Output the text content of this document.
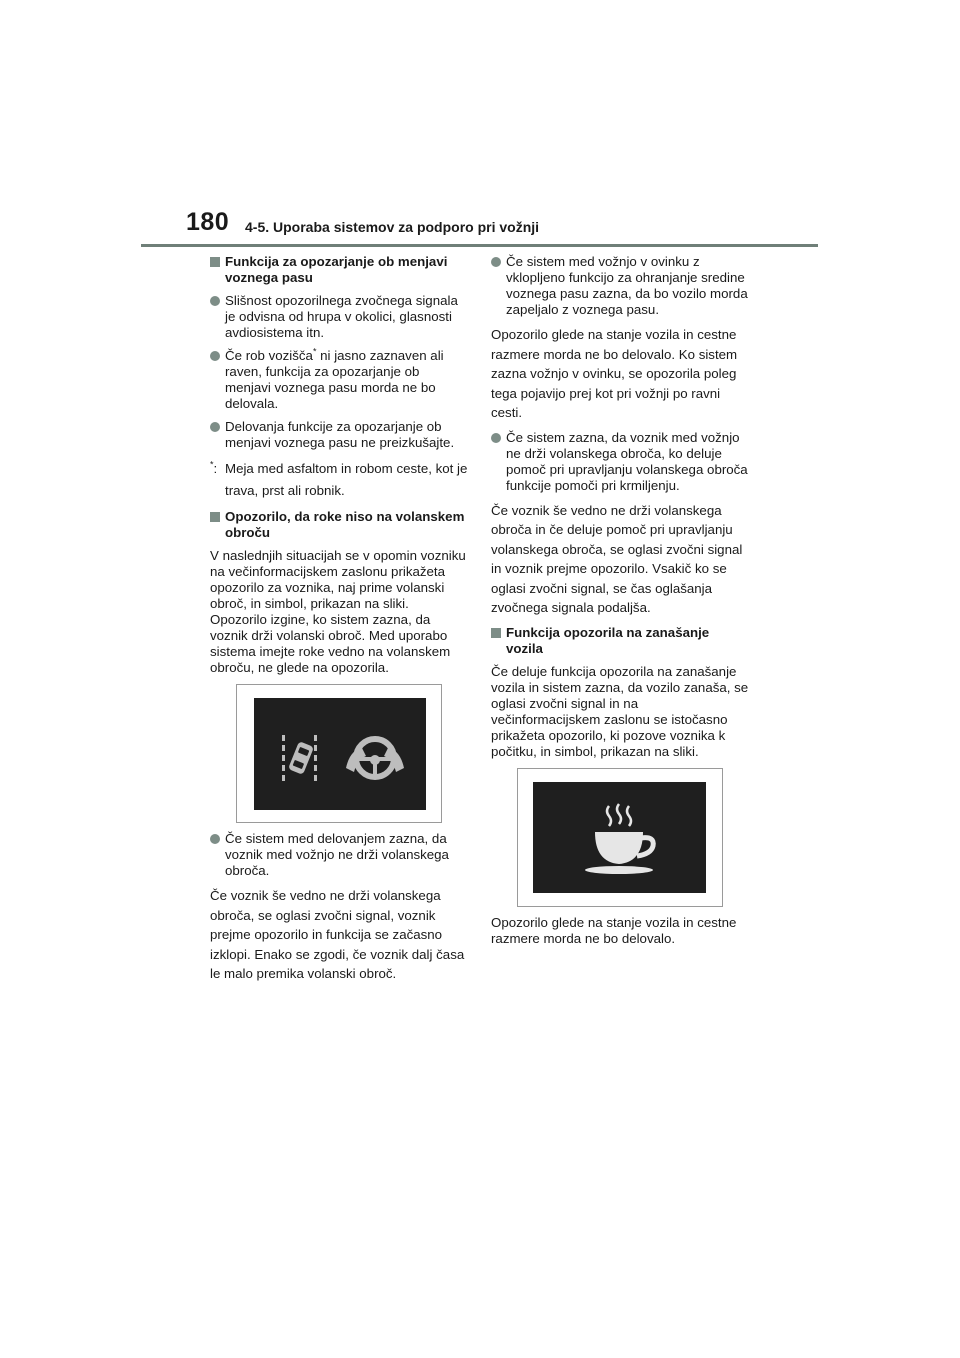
180 4-5. Uporaba sistemov za podporo pri vožnji
Funkcija za opozarjanje ob menjavi voznega pasu
Slišnost opozorilnega zvočnega signala je odvisna od hrupa v okolici, glasnosti avdiosistema itn.
Če rob vozišča* ni jasno zaznaven ali raven, funkcija za opozarjanje ob menjavi voznega pasu morda ne bo delovala.
Delovanja funkcije za opozarjanje ob menjavi voznega pasu ne preizkušajte.
*: Meja med asfaltom in robom ceste, kot je trava, prst ali robnik.
Opozorilo, da roke niso na volanskem obroču
V naslednjih situacijah se v opomin vozniku na večinformacijskem zaslonu prikažeta opozorilo za voznika, naj prime volanski obroč, in simbol, prikazan na sliki. Opozorilo izgine, ko sistem zazna, da voznik drži volanski obroč. Med uporabo sistema imejte roke vedno na volanskem obroču, ne glede na opozorila.
Če sistem med delovanjem zazna, da voznik med vožnjo ne drži volanskega obroča.
Če voznik še vedno ne drži volanskega obroča, se oglasi zvočni signal, voznik prejme opozorilo in funkcija se začasno izklopi. Enako se zgodi, če voznik dalj časa le malo premika volanski obroč.
Če sistem med vožnjo v ovinku z vklopljeno funkcijo za ohranjanje sredine voznega pasu zazna, da bo vozilo morda zapeljalo z voznega pasu.
Opozorilo glede na stanje vozila in cestne razmere morda ne bo delovalo. Ko sistem zazna vožnjo v ovinku, se opozorila poleg tega pojavijo prej kot pri vožnji po ravni cesti.
Če sistem zazna, da voznik med vožnjo ne drži volanskega obroča, ko deluje pomoč pri upravljanju volanskega obroča funkcije pomoči pri krmiljenju.
Če voznik še vedno ne drži volanskega obroča in če deluje pomoč pri upravljanju volanskega obroča, se oglasi zvočni signal in voznik prejme opozorilo. Vsakič ko se oglasi zvočni signal, se čas oglašanja zvočnega signala podaljša.
Funkcija opozorila na zanašanje vozila
Če deluje funkcija opozorila na zanašanje vozila in sistem zazna, da vozilo zanaša, se oglasi zvočni signal in na večinformacijskem zaslonu se istočasno prikažeta opozorilo, ki pozove voznika k počitku, in simbol, prikazan na sliki.
Opozorilo glede na stanje vozila in cestne razmere morda ne bo delovalo.
